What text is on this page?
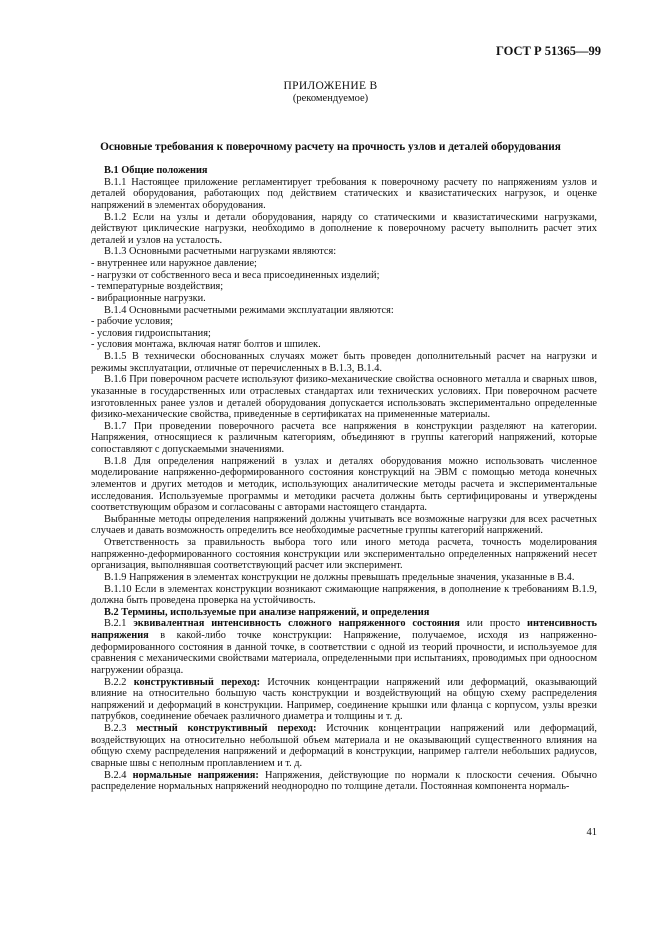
ГОСТ Р 51365—99
ПРИЛОЖЕНИЕ В
(рекомендуемое)
Основные требования к поверочному расчету на прочность узлов и деталей оборудования

В.1 Общие положения

В.1.1 Настоящее приложение регламентирует требования к поверочному расчету по напряжениям узлов и деталей оборудования, работающих под действием статических и квазистатических нагрузок, и оценке напряжений в элементах оборудования.

В.1.2 Если на узлы и детали оборудования, наряду со статическими и квазистатическими нагрузками, действуют циклические нагрузки, необходимо в дополнение к поверочному расчету выполнить расчет этих деталей и узлов на усталость.

В.1.3 Основными расчетными нагрузками являются:

- внутреннее или наружное давление;

- нагрузки от собственного веса и веса присоединенных изделий;

- температурные воздействия;

- вибрационные нагрузки.

В.1.4 Основными расчетными режимами эксплуатации являются:

- рабочие условия;

- условия гидроиспытания;

- условия монтажа, включая натяг болтов и шпилек.

В.1.5 В технически обоснованных случаях может быть проведен дополнительный расчет на нагрузки и режимы эксплуатации, отличные от перечисленных в В.1.3, В.1.4.

В.1.6 При поверочном расчете используют физико-механические свойства основного металла и сварных швов, указанные в государственных или отраслевых стандартах или технических условиях. При поверочном расчете изготовленных ранее узлов и деталей оборудования допускается использовать экспериментально определенные физико-механические свойства, приведенные в сертификатах на примененные материалы.

В.1.7 При проведении поверочного расчета все напряжения в конструкции разделяют на категории. Напряжения, относящиеся к различным категориям, объединяют в группы категорий напряжений, которые сопоставляют с допускаемыми значениями.

В.1.8 Для определения напряжений в узлах и деталях оборудования можно использовать численное моделирование напряженно-деформированного состояния конструкций на ЭВМ с помощью метода конечных элементов и других методов и методик, использующих аналитические методы расчета и экспериментальные исследования. Используемые программы и методики расчета должны быть сертифицированы и утверждены соответствующим образом и согласованы с авторами настоящего стандарта.

Выбранные методы определения напряжений должны учитывать все возможные нагрузки для всех расчетных случаев и давать возможность определить все необходимые расчетные группы категорий напряжений.

Ответственность за правильность выбора того или иного метода расчета, точность моделирования напряженно-деформированного состояния конструкции или экспериментально определенных напряжений несет организация, выполнявшая соответствующий расчет или эксперимент.

В.1.9 Напряжения в элементах конструкции не должны превышать предельные значения, указанные в В.4.

В.1.10 Если в элементах конструкции возникают сжимающие напряжения, в дополнение к требованиям В.1.9, должна быть проведена проверка на устойчивость.

В.2 Термины, используемые при анализе напряжений, и определения

В.2.1 эквивалентная интенсивность сложного напряженного состояния или просто интенсивность напряжения в какой-либо точке конструкции: Напряжение, получаемое, исходя из напряженно-деформированного состояния в данной точке, в соответствии с одной из теорий прочности, и используемое для сравнения с механическими свойствами материала, определенными при испытаниях, проводимых при одноосном нагружении образца.

В.2.2 конструктивный переход: Источник концентрации напряжений или деформаций, оказывающий влияние на относительно большую часть конструкции и воздействующий на общую схему распределения напряжений и деформаций в конструкции. Например, соединение крышки или фланца с корпусом, узлы врезки патрубков, соединение обечаек различного диаметра и толщины и т. д.

В.2.3 местный конструктивный переход: Источник концентрации напряжений или деформаций, воздействующих на относительно небольшой объем материала и не оказывающий существенного влияния на общую схему распределения напряжений и деформаций в конструкции, например галтели небольших радиусов, сварные швы с неполным проплавлением и т. д.

В.2.4 нормальные напряжения: Напряжения, действующие по нормали к плоскости сечения. Обычно распределение нормальных напряжений неоднородно по толщине детали. Постоянная компонента нормаль-

41
